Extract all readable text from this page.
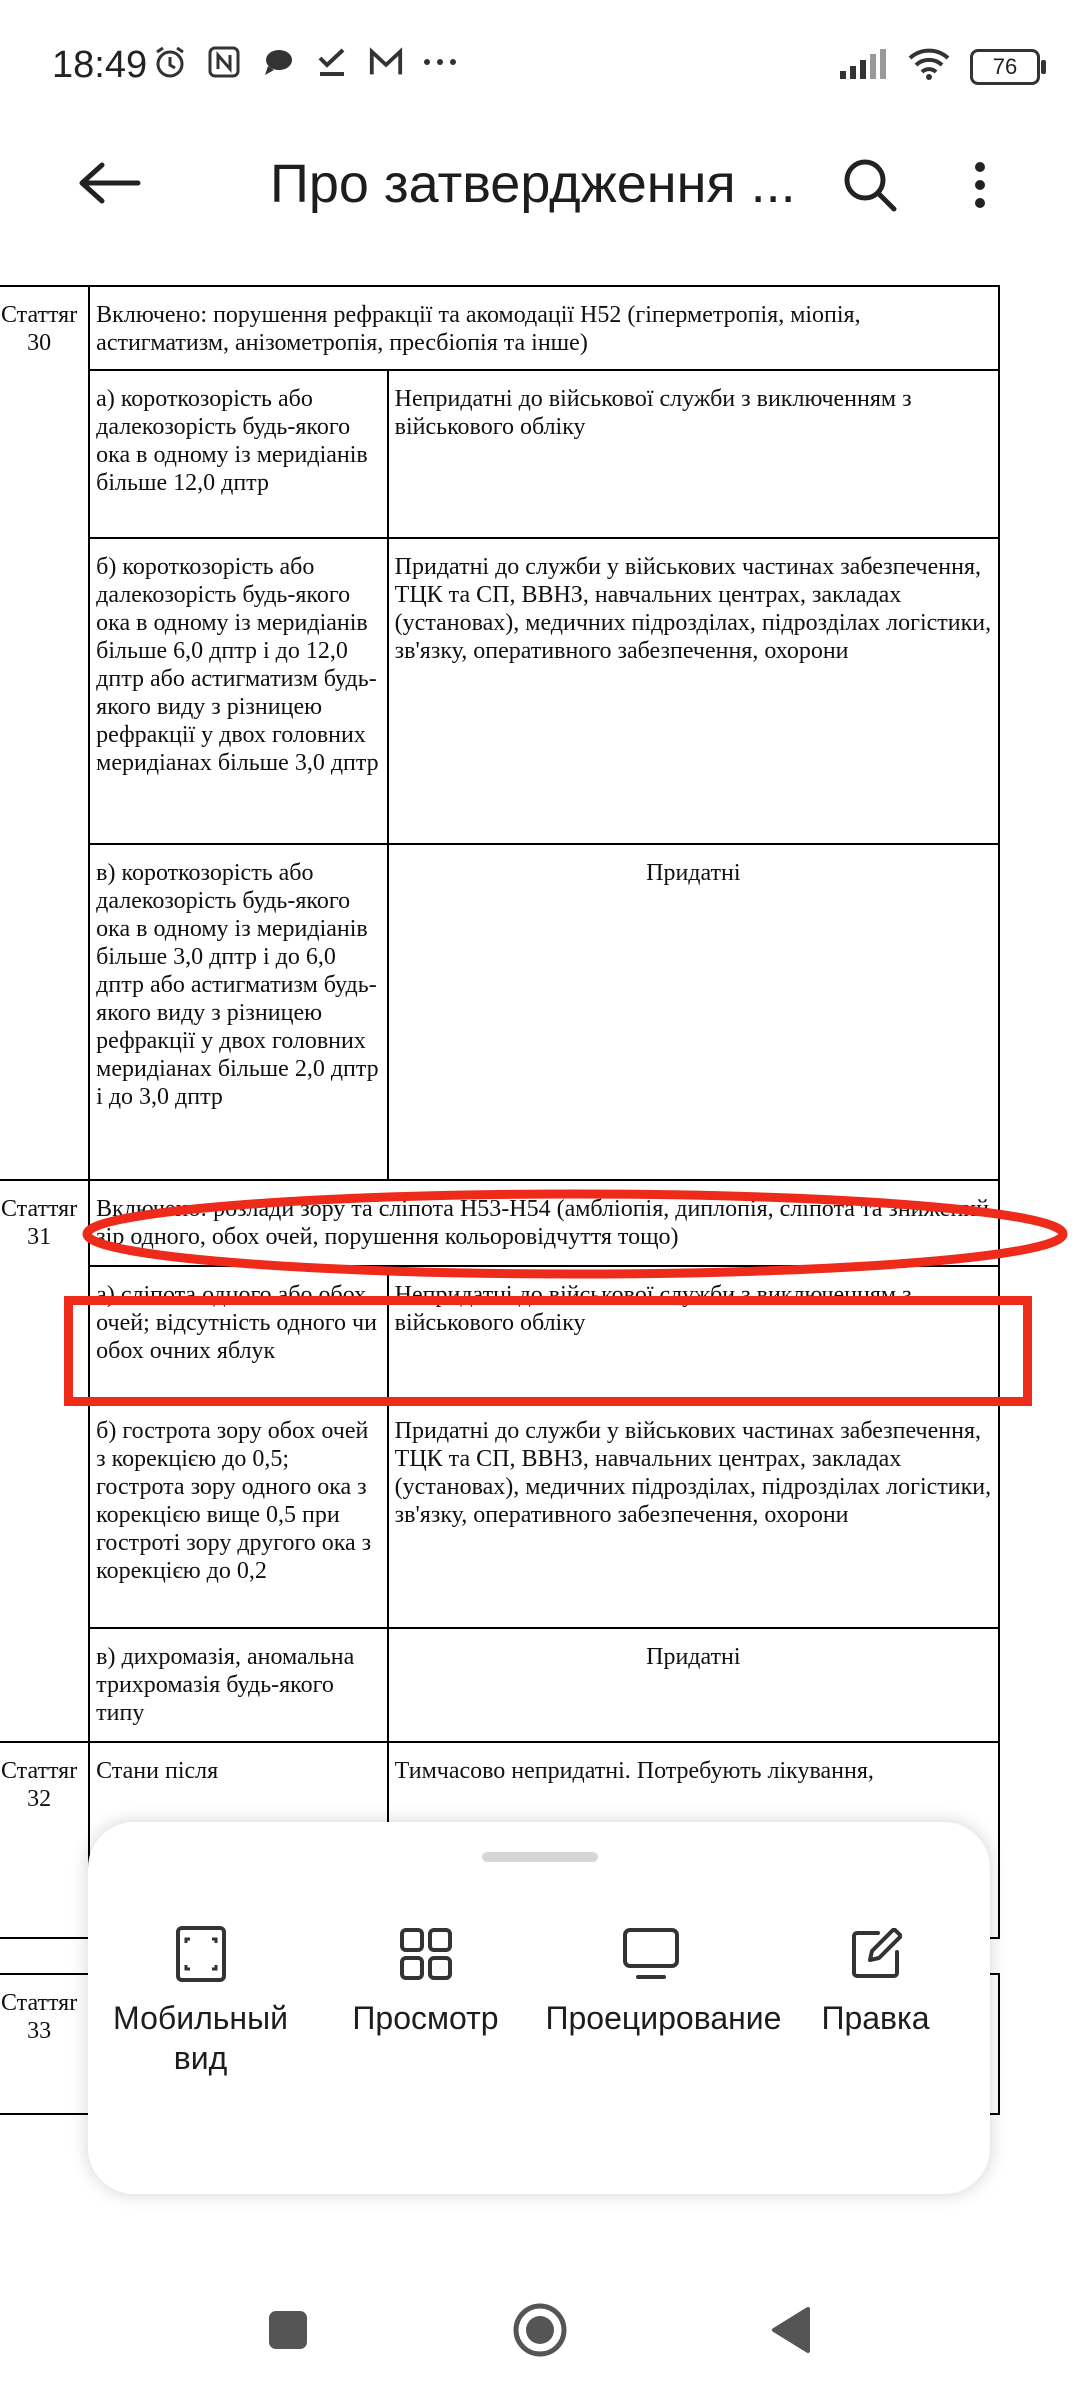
18:49	76
Про затвердження ...
Статтяr 30	Включено: порушення рефракції та акомодації H52 (гіперметропія, міопія, астигматизм, анізометропія, пресбіопія та інше)	
	а) короткозорість або далекозорість будь-якого ока в одному із меридіанів більше 12,0 дптр	Непридатні до військової служби з виключенням з військового обліку
	б) короткозорість або далекозорість будь-якого ока в одному із меридіанів більше 6,0 дптр і до 12,0 дптр або астигматизм будь-якого виду з різницею рефракції у двох головних меридіанах більше 3,0 дптр	Придатні до служби у військових частинах забезпечення, ТЦК та СП, ВВНЗ, навчальних центрах, закладах (установах), медичних підрозділах, підрозділах логістики, зв'язку, оперативного забезпечення, охорони
	в) короткозорість або далекозорість будь-якого ока в одному із меридіанів більше 3,0 дптр і до 6,0 дптр або астигматизм будь-якого виду з різницею рефракції у двох головних меридіанах більше 2,0 дптр і до 3,0 дптр	Придатні
Статтяr 31	Включено: розлади зору та сліпота H53-H54 (амбліопія, диплопія, сліпота та знижений зір одного, обох очей, порушення кольоровідчуття тощо)	
	а) сліпота одного або обох очей; відсутність одного чи обох очних яблук	Непридатні до військової служби з виключенням з військового обліку
	б) гострота зору обох очей з корекцією до 0,5; гострота зору одного ока з корекцією вище 0,5 при гостроті зору другого ока з корекцією до 0,2	Придатні до служби у військових частинах забезпечення, ТЦК та СП, ВВНЗ, навчальних центрах, закладах (установах), медичних підрозділах, підрозділах логістики, зв'язку, оперативного забезпечення, охорони
	в) дихромазія, аномальна трихромазія будь-якого типу	Придатні
Статтяr 32	Стани після	Тимчасово непридатні. Потребують лікування,

Статтяr 33			Мобильный вид
Просмотр Проецирование Правка
